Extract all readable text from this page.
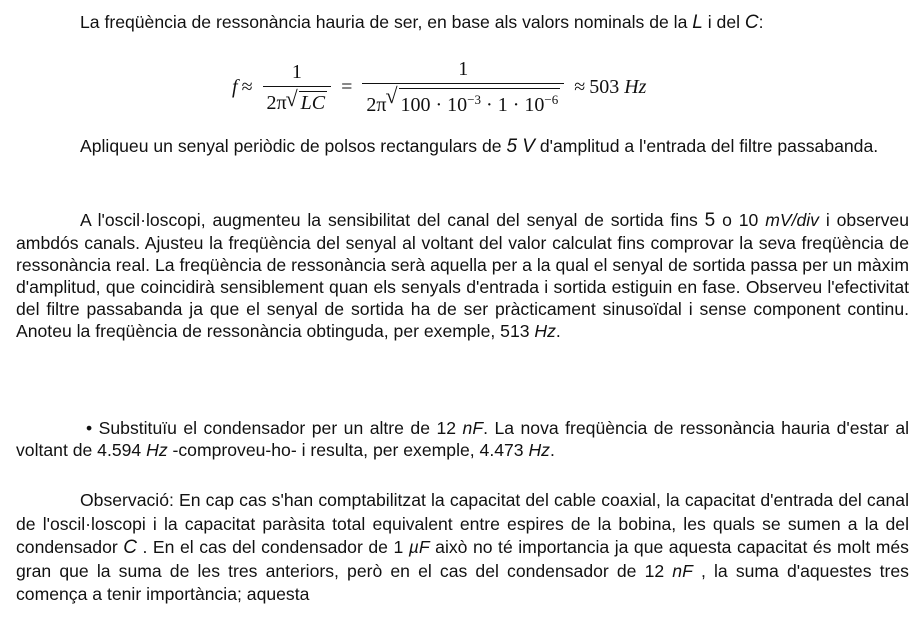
La freqüència de ressonància hauria de ser, en base als valors nominals de la L i del C:

Apliqueu un senyal periòdic de polsos rectangulars de 5 V d'amplitud a l'entrada del filtre passabanda.

A l'oscil·loscopi, augmenteu la sensibilitat del canal del senyal de sortida fins 5 o 10 mV/div i observeu ambdós canals. Ajusteu la freqüència del senyal al voltant del valor calculat fins comprovar la seva freqüència de ressonància real. La freqüència de ressonància serà aquella per a la qual el senyal de sortida passa per un màxim d'amplitud, que coincidirà sensiblement quan els senyals d'entrada i sortida estiguin en fase. Observeu l'efectivitat del filtre passabanda ja que el senyal de sortida ha de ser pràcticament sinusoïdal i sense component continu. Anoteu la freqüència de ressonància obtinguda, per exemple, 513 Hz.

• Substituïu el condensador per un altre de 12 nF. La nova freqüència de ressonància hauria d'estar al voltant de 4.594 Hz -comproveu-ho- i resulta, per exemple, 4.473 Hz.

Observació: En cap cas s'han comptabilitzat la capacitat del cable coaxial, la capacitat d'entrada del canal de l'oscil·loscopi i la capacitat paràsita total equivalent entre espires de la bobina, les quals se sumen a la del condensador C . En el cas del condensador de 1 µF això no té importancia ja que aquesta capacitat és molt més gran que la suma de les tres anteriors, però en el cas del condensador de 12 nF , la suma d'aquestes tres comença a tenir importància; aquesta

$f \approx \frac{1}{2\pi √ LC} = \frac{1}{2\pi √ 100 \cdot 10^{-3} \cdot 1 \cdot 10^{-6}} \approx 503$
Hz
